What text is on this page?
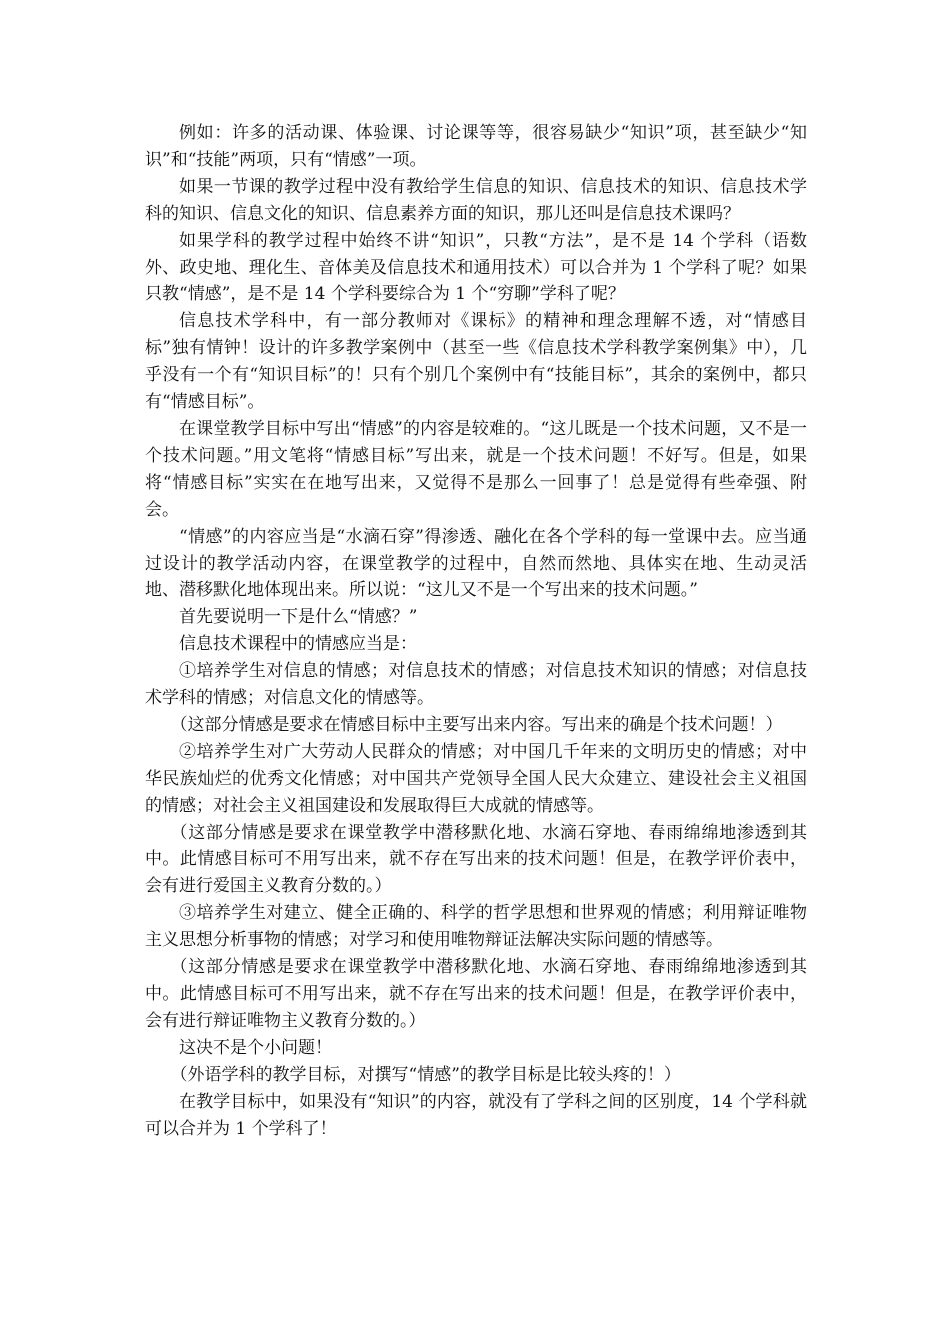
例如：许多的活动课、体验课、讨论课等等，很容易缺少“知识”项，甚至缺少“知识”和“技能”两项，只有“情感”一项。

如果一节课的教学过程中没有教给学生信息的知识、信息技术的知识、信息技术学科的知识、信息文化的知识、信息素养方面的知识，那儿还叫是信息技术课吗？

如果学科的教学过程中始终不讲“知识”，只教“方法”，是不是 14 个学科（语数外、政史地、理化生、音体美及信息技术和通用技术）可以合并为 1 个学科了呢？如果只教“情感”，是不是 14 个学科要综合为 1 个“穷聊”学科了呢？

信息技术学科中，有一部分教师对《课标》的精神和理念理解不透，对“情感目标”独有情钟！设计的许多教学案例中（甚至一些《信息技术学科教学案例集》中），几乎没有一个有“知识目标”的！只有个别几个案例中有“技能目标”，其余的案例中，都只有“情感目标”。

在课堂教学目标中写出“情感”的内容是较难的。“这儿既是一个技术问题，又不是一个技术问题。”用文笔将“情感目标”写出来，就是一个技术问题！不好写。但是，如果将“情感目标”实实在在地写出来，又觉得不是那么一回事了！总是觉得有些牵强、附会。

“情感”的内容应当是“水滴石穿”得渗透、融化在各个学科的每一堂课中去。应当通过设计的教学活动内容，在课堂教学的过程中，自然而然地、具体实在地、生动灵活地、潜移默化地体现出来。所以说：“这儿又不是一个写出来的技术问题。”

首先要说明一下是什么“情感？”

信息技术课程中的情感应当是：

①培养学生对信息的情感；对信息技术的情感；对信息技术知识的情感；对信息技术学科的情感；对信息文化的情感等。

（这部分情感是要求在情感目标中主要写出来内容。写出来的确是个技术问题！）

②培养学生对广大劳动人民群众的情感；对中国几千年来的文明历史的情感；对中华民族灿烂的优秀文化情感；对中国共产党领导全国人民大众建立、建设社会主义祖国的情感；对社会主义祖国建设和发展取得巨大成就的情感等。

（这部分情感是要求在课堂教学中潜移默化地、水滴石穿地、春雨绵绵地渗透到其中。此情感目标可不用写出来，就不存在写出来的技术问题！但是，在教学评价表中，会有进行爱国主义教育分数的。）

③培养学生对建立、健全正确的、科学的哲学思想和世界观的情感；利用辩证唯物主义思想分析事物的情感；对学习和使用唯物辩证法解决实际问题的情感等。

（这部分情感是要求在课堂教学中潜移默化地、水滴石穿地、春雨绵绵地渗透到其中。此情感目标可不用写出来，就不存在写出来的技术问题！但是，在教学评价表中，会有进行辩证唯物主义教育分数的。）

这决不是个小问题！

（外语学科的教学目标，对撰写“情感”的教学目标是比较头疼的！）

在教学目标中，如果没有“知识”的内容，就没有了学科之间的区别度，14 个学科就可以合并为 1 个学科了！
